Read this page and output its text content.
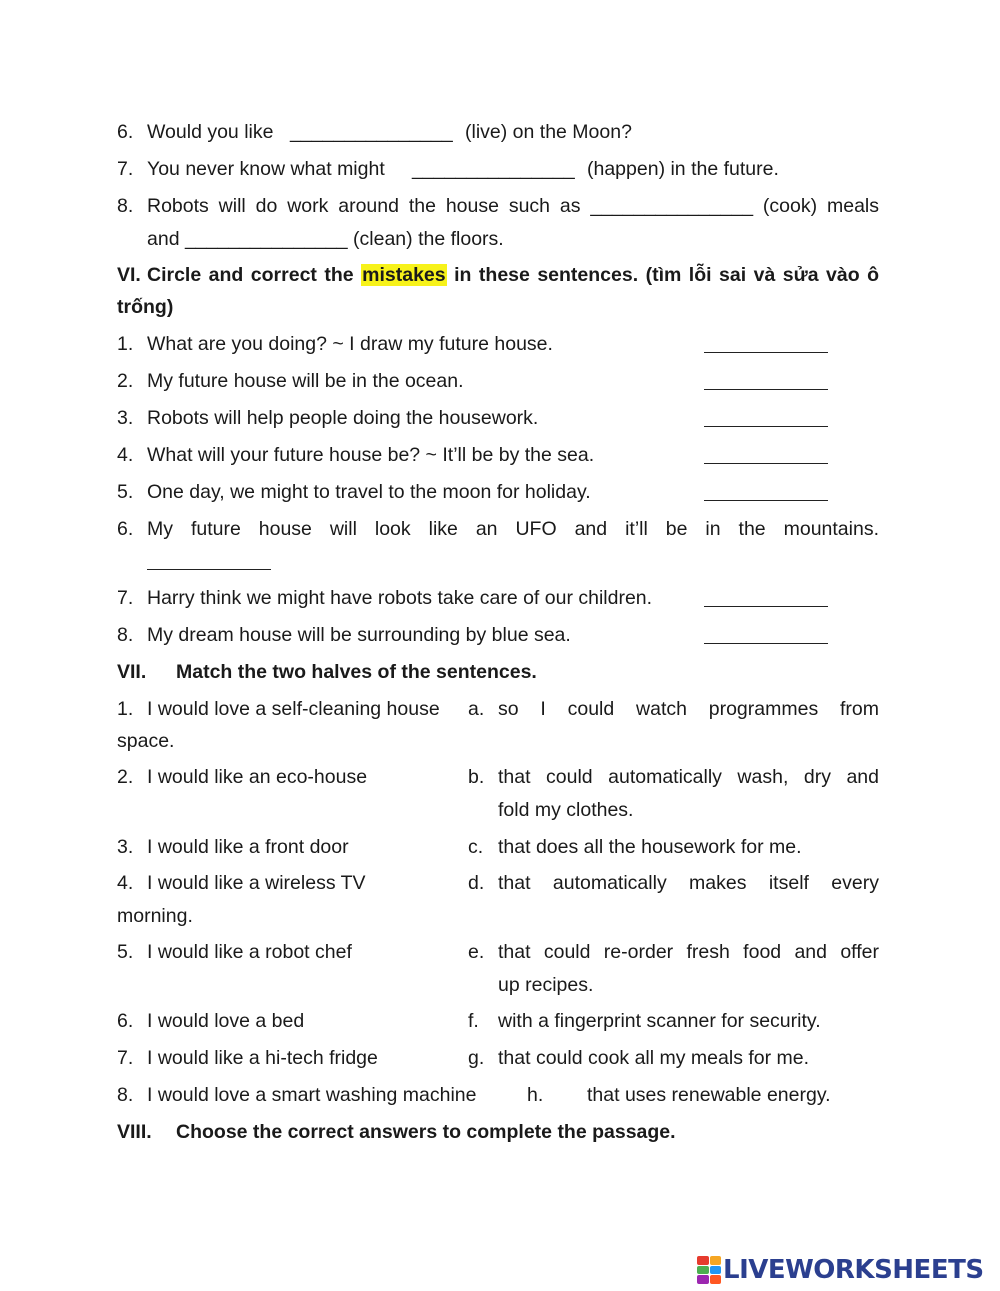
6. Would you like _______________ (live) on the Moon?
7. You never know what might _______________ (happen) in the future.
8. Robots will do work around the house such as _______________ (cook) meals
and _______________ (clean) the floors.
VI. Circle and correct the mistakes in these sentences. (tìm lỗi sai và sửa vào ô
trống)
1. What are you doing? ~ I draw my future house.
2. My future house will be in the ocean.
3. Robots will help people doing the housework.
4. What will your future house be? ~ It’ll be by the sea.
5. One day, we might to travel to the moon for holiday.
6. My future house will look like an UFO and it’ll be in the mountains.
7. Harry think we might have robots take care of our children.
8. My dream house will be surrounding by blue sea.
VII. Match the two halves of the sentences.
1. I would love a self-cleaning house a. so I could watch programmes from
space.
2. I would like an eco-house	b. that could automatically wash, dry and
fold my clothes.
3. I would like a front door	c. that does all the housework for me.
4. I would like a wireless TV	d. that automatically makes itself every
morning.
5. I would like a robot chef	e. that could re-order fresh food and offer
up recipes.
6. I would love a bed	f. with a fingerprint scanner for security.
7. I would like a hi-tech fridge	g. that could cook all my meals for me.
8. I would love a smart washing machine	h. that uses renewable energy.
VIII. Choose the correct answers to complete the passage.
LIVEWORKSHEETS
